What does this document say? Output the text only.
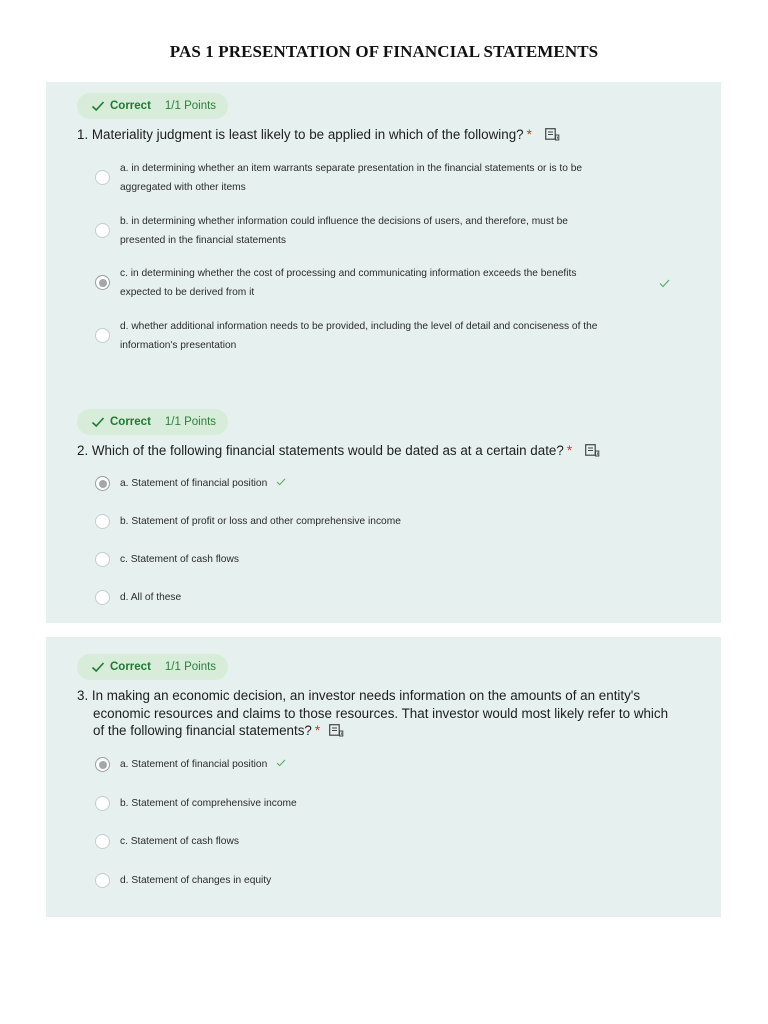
PAS 1 PRESENTATION OF FINANCIAL STATEMENTS
Correct 1/1 Points
1. Materiality judgment is least likely to be applied in which of the following? *
a. in determining whether an item warrants separate presentation in the financial statements or is to be
aggregated with other items
b. in determining whether information could influence the decisions of users, and therefore, must be
presented in the financial statements
c. in determining whether the cost of processing and communicating information exceeds the benefits
expected to be derived from it
d. whether additional information needs to be provided, including the level of detail and conciseness of the
information's presentation
Correct 1/1 Points
2. Which of the following financial statements would be dated as at a certain date? *
a. Statement of financial position
b. Statement of profit or loss and other comprehensive income
c. Statement of cash flows
d. All of these
Correct 1/1 Points
3. In making an economic decision, an investor needs information on the amounts of an entity's
economic resources and claims to those resources. That investor would most likely refer to which
of the following financial statements? *
a. Statement of financial position
b. Statement of comprehensive income
c. Statement of cash flows
d. Statement of changes in equity
